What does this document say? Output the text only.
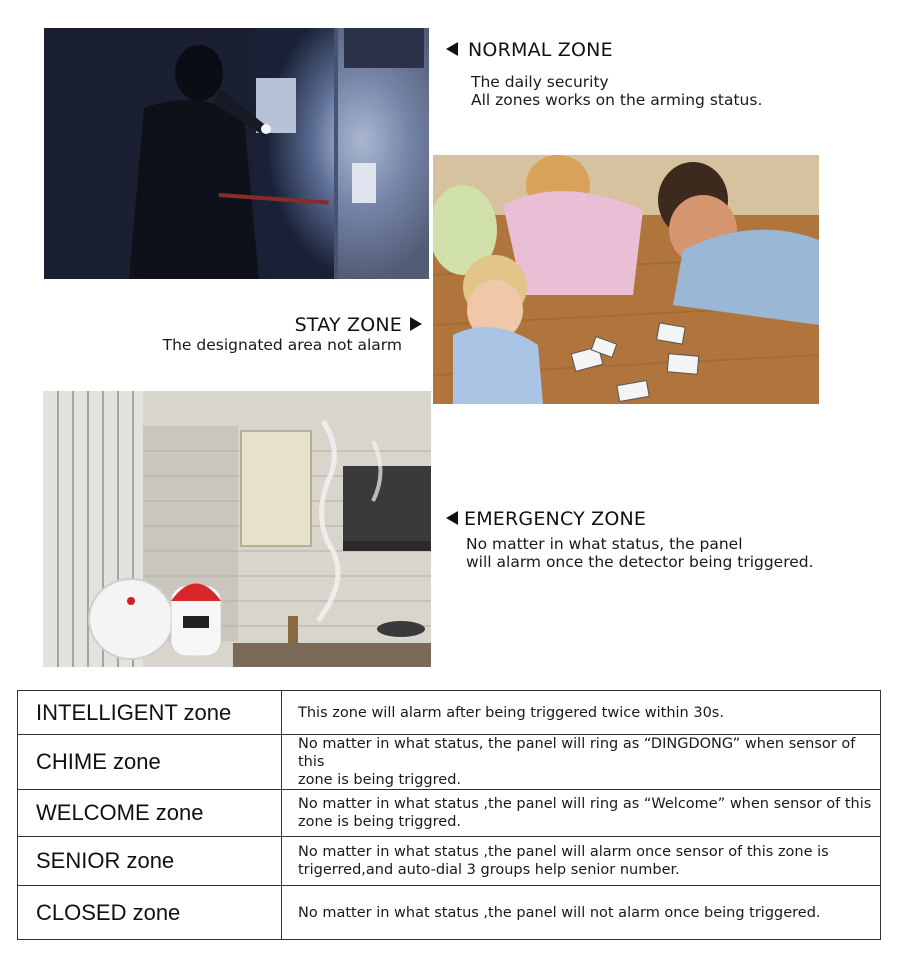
NORMAL ZONE
The daily security
All zones works on the arming status.
STAY ZONE
The designated area not alarm
EMERGENCY ZONE
No matter in what status, the panel
will alarm once the detector being triggered.
INTELLIGENT zone	This zone will alarm after being triggered twice within 30s.

CHIME zone	No matter in what status, the panel will ring as “DINGDONG” when sensor of this
zone is being triggred.

WELCOME zone	No matter in what status ,the panel will ring as “Welcome” when sensor of this
zone is being triggred.

SENIOR zone	No matter in what status ,the panel will alarm once sensor of this zone is
trigerred,and auto-dial 3 groups help senior number.

CLOSED zone	No matter in what status ,the panel will not alarm once being triggered.
